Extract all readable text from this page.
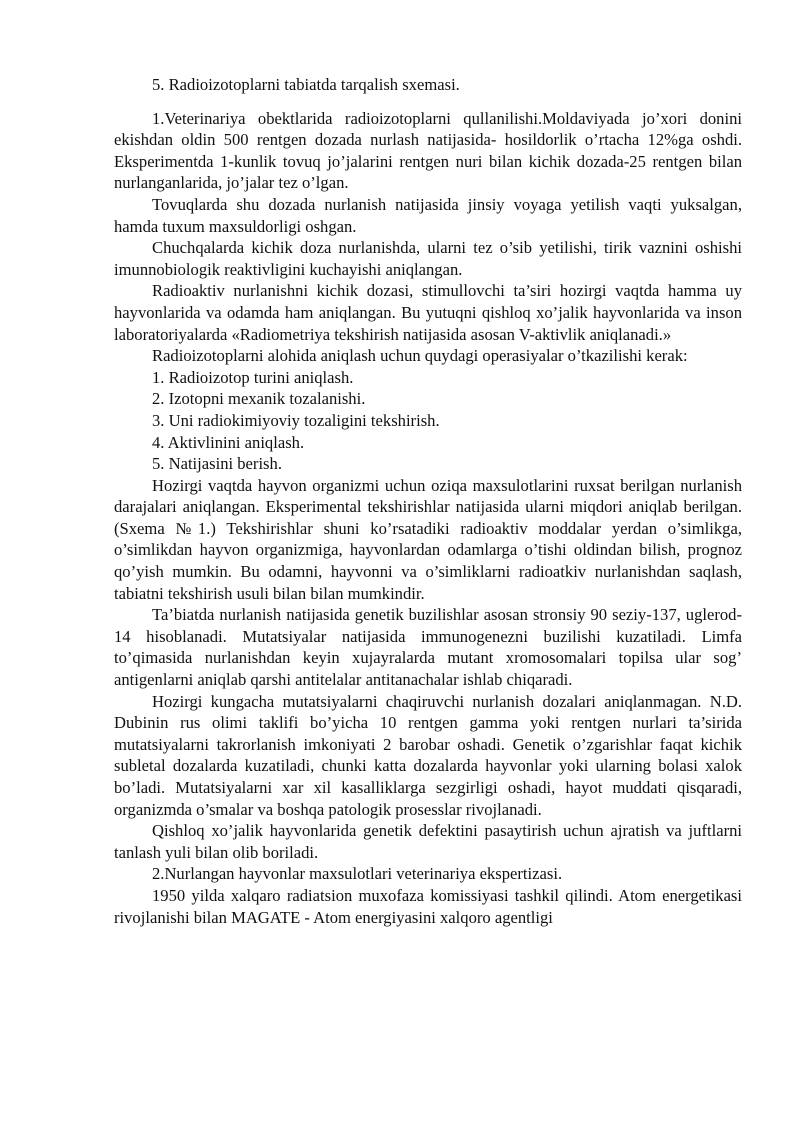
5. Radioizotoplarni tabiatda tarqalish sxemasi.

1.Veterinariya obektlarida radioizotoplarni qullanilishi.Moldaviyada jo’xori donini ekishdan oldin 500 rentgen dozada nurlash natijasida- hosildorlik o’rtacha 12%ga oshdi. Eksperimentda 1-kunlik tovuq jo’jalarini rentgen nuri bilan kichik dozada-25 rentgen bilan nurlanganlarida, jo’jalar tez o’lgan.

Tovuqlarda shu dozada nurlanish natijasida jinsiy voyaga yetilish vaqti yuksalgan, hamda tuxum maxsuldorligi oshgan.

Chuchqalarda kichik doza nurlanishda, ularni tez o’sib yetilishi, tirik vaznini oshishi imunnobiologik reaktivligini kuchayishi aniqlangan.

Radioaktiv nurlanishni kichik dozasi, stimullovchi ta’siri hozirgi vaqtda hamma uy hayvonlarida va odamda ham aniqlangan. Bu yutuqni qishloq xo’jalik hayvonlarida va inson laboratoriyalarda «Radiometriya tekshirish natijasida asosan V-aktivlik aniqlanadi.»

Radioizotoplarni alohida aniqlash uchun quydagi operasiyalar o’tkazilishi kerak:

1. Radioizotop turini aniqlash.

2. Izotopni mexanik tozalanishi.

3. Uni radiokimiyoviy tozaligini tekshirish.

4. Aktivlinini aniqlash.

5. Natijasini berish.

Hozirgi vaqtda hayvon organizmi uchun oziqa maxsulotlarini ruxsat berilgan nurlanish darajalari aniqlangan. Eksperimental tekshirishlar natijasida ularni miqdori aniqlab berilgan. (Sxema №1.) Tekshirishlar shuni ko’rsatadiki radioaktiv moddalar yerdan o’simlikga, o’simlikdan hayvon organizmiga, hayvonlardan odamlarga o’tishi oldindan bilish, prognoz qo’yish mumkin. Bu odamni, hayvonni va o’simliklarni radioatkiv nurlanishdan saqlash, tabiatni tekshirish usuli bilan bilan mumkindir.

Ta’biatda nurlanish natijasida genetik buzilishlar asosan stronsiy 90 seziy-137, uglerod-14 hisoblanadi. Mutatsiyalar natijasida immunogenezni buzilishi kuzatiladi. Limfa to’qimasida nurlanishdan keyin xujayralarda mutant xromosomalari topilsa ular sog’ antigenlarni aniqlab qarshi antitelalar antitanachalar ishlab chiqaradi.

Hozirgi kungacha mutatsiyalarni chaqiruvchi nurlanish dozalari aniqlanmagan. N.D. Dubinin rus olimi taklifi bo’yicha 10 rentgen gamma yoki rentgen nurlari ta’sirida mutatsiyalarni takrorlanish imkoniyati 2 barobar oshadi. Genetik o’zgarishlar faqat kichik subletal dozalarda kuzatiladi, chunki katta dozalarda hayvonlar yoki ularning bolasi xalok bo’ladi. Mutatsiyalarni xar xil kasalliklarga sezgirligi oshadi, hayot muddati qisqaradi, organizmda o’smalar va boshqa patologik prosesslar rivojlanadi.

Qishloq xo’jalik hayvonlarida genetik defektini pasaytirish uchun ajratish va juftlarni tanlash yuli bilan olib boriladi.

2.Nurlangan hayvonlar maxsulotlari veterinariya ekspertizasi.

1950 yilda xalqaro radiatsion muxofaza komissiyasi tashkil qilindi. Atom energetikasi rivojlanishi bilan MAGATE - Atom energiyasini xalqoro agentligi
